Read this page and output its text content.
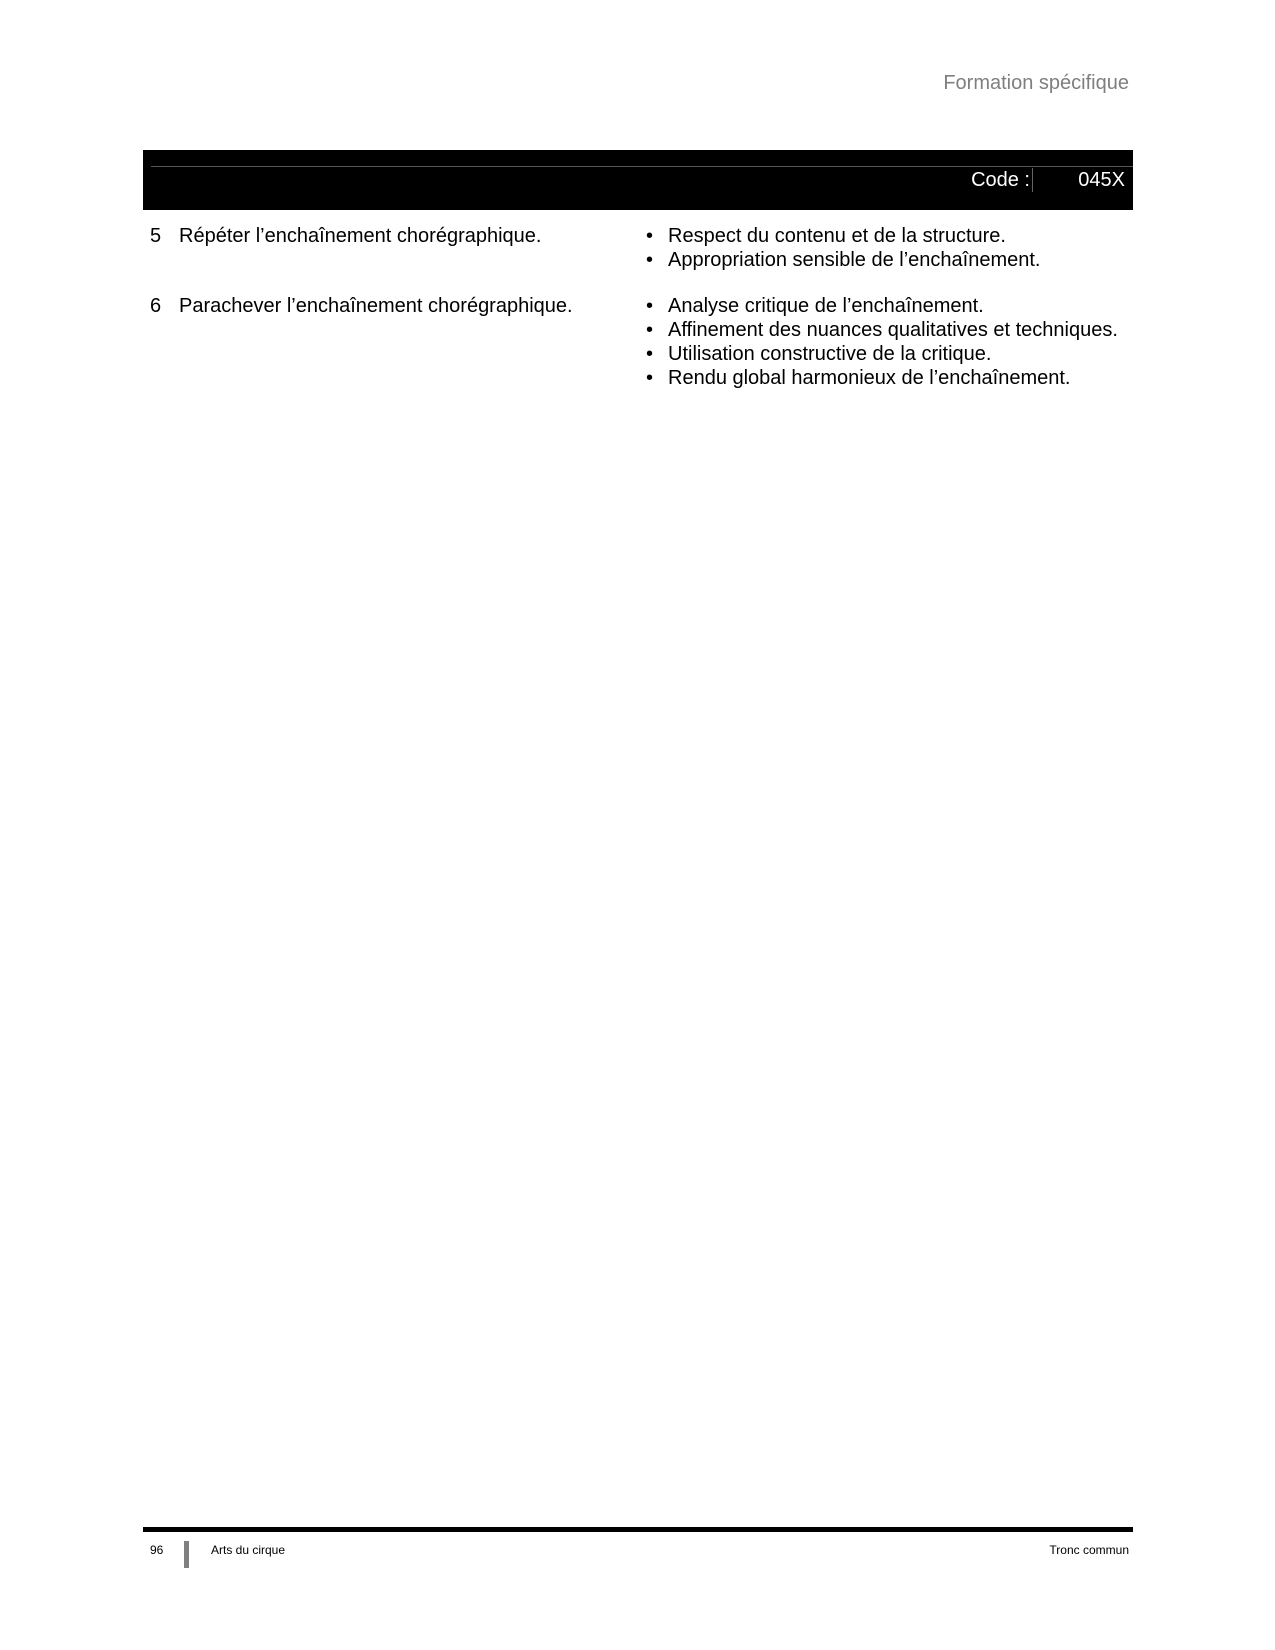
Formation spécifique
Code : 045X
5 Répéter l’enchaînement chorégraphique.	• Respect du contenu et de la structure.
• Appropriation sensible de l’enchaînement.
6 Parachever l’enchaînement chorégraphique.	• Analyse critique de l’enchaînement.
• Affinement des nuances qualitatives et techniques.
• Utilisation constructive de la critique.
• Rendu global harmonieux de l’enchaînement.
96	Arts du cirque	Tronc commun
